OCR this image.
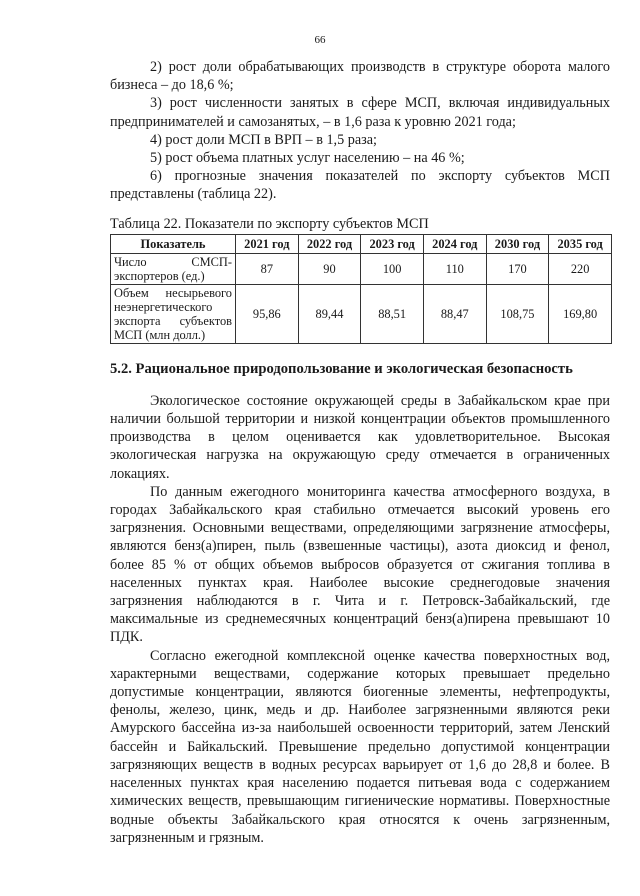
66

2) рост доли обрабатывающих производств в структуре оборота малого бизнеса – до 18,6 %;

3) рост численности занятых в сфере МСП, включая индивидуальных предпринимателей и самозанятых, – в 1,6 раза к уровню 2021 года;

4) рост доли МСП в ВРП – в 1,5 раза;

5) рост объема платных услуг населению – на 46 %;

6) прогнозные значения показателей по экспорту субъектов МСП представлены (таблица 22).

Таблица 22. Показатели по экспорту субъектов МСП

Показатель	2021 год	2022 год	2023 год	2024 год	2030 год	2035 год
Число СМСП-экспортеров (ед.)	87	90	100	110	170	220
Объем несырьевого неэнергетического экспорта субъектов МСП (млн долл.)	95,86	89,44	88,51	88,47	108,75	169,80

5.2. Рациональное природопользование и экологическая безопасность

Экологическое состояние окружающей среды в Забайкальском крае при наличии большой территории и низкой концентрации объектов промышленного производства в целом оценивается как удовлетворительное. Высокая экологическая нагрузка на окружающую среду отмечается в ограниченных локациях.

По данным ежегодного мониторинга качества атмосферного воздуха, в городах Забайкальского края стабильно отмечается высокий уровень его загрязнения. Основными веществами, определяющими загрязнение атмосферы, являются бенз(а)пирен, пыль (взвешенные частицы), азота диоксид и фенол, более 85 % от общих объемов выбросов образуется от сжигания топлива в населенных пунктах края. Наиболее высокие среднегодовые значения загрязнения наблюдаются в г. Чита и г. Петровск-Забайкальский, где максимальные из среднемесячных концентраций бенз(а)пирена превышают 10 ПДК.

Согласно ежегодной комплексной оценке качества поверхностных вод, характерными веществами, содержание которых превышает предельно допустимые концентрации, являются биогенные элементы, нефтепродукты, фенолы, железо, цинк, медь и др. Наиболее загрязненными являются реки Амурского бассейна из-за наибольшей освоенности территорий, затем Ленский бассейн и Байкальский. Превышение предельно допустимой концентрации загрязняющих веществ в водных ресурсах варьирует от 1,6 до 28,8 и более. В населенных пунктах края населению подается питьевая вода с содержанием химических веществ, превышающим гигиенические нормативы. Поверхностные водные объекты Забайкальского края относятся к очень загрязненным, загрязненным и грязным.
